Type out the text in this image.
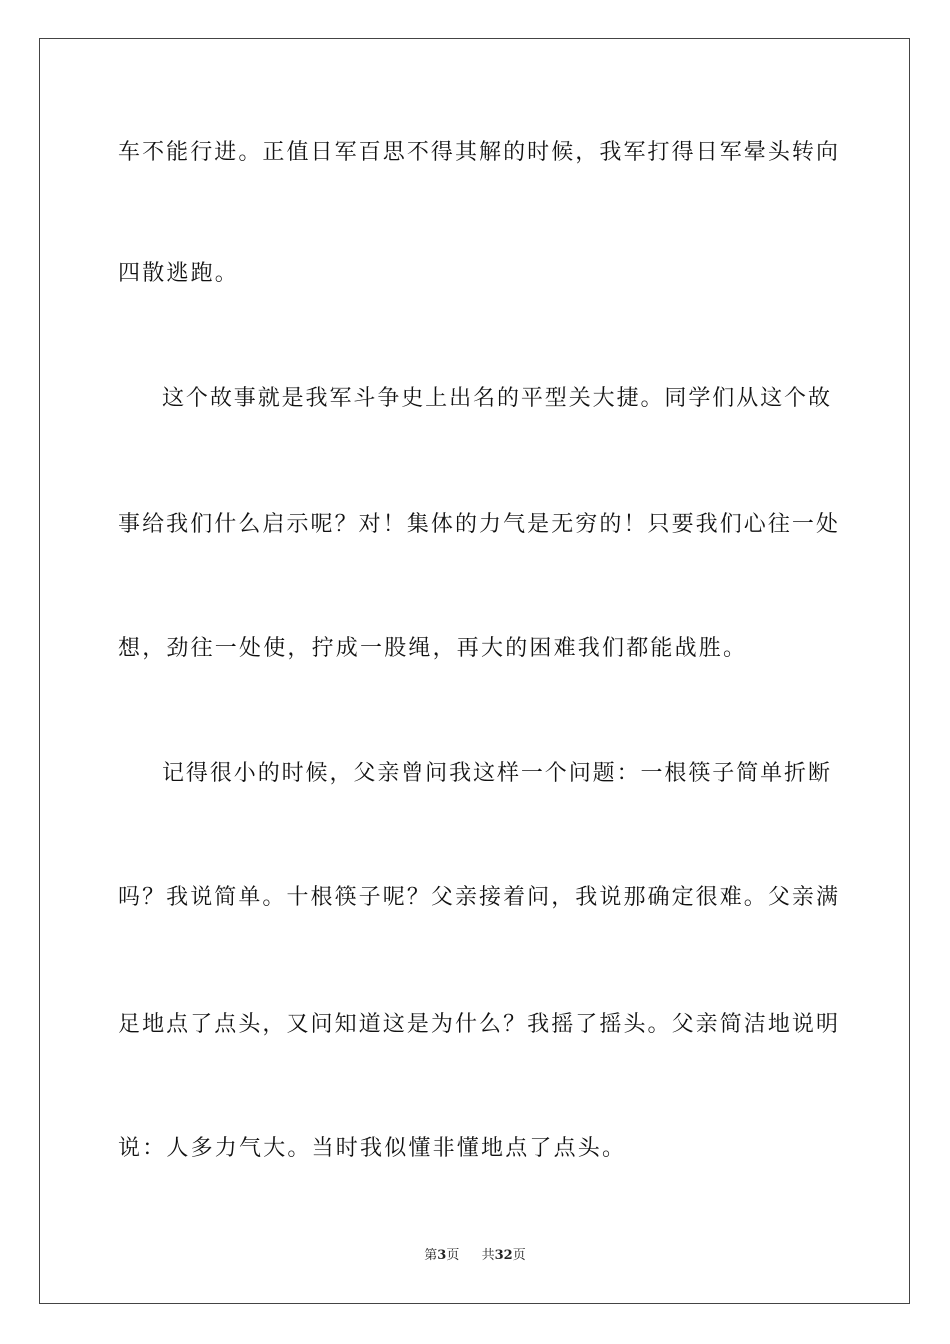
车不能行进。正值日军百思不得其解的时候，我军打得日军晕头转向
四散逃跑。
这个故事就是我军斗争史上出名的平型关大捷。同学们从这个故
事给我们什么启示呢？对！集体的力气是无穷的！只要我们心往一处
想，劲往一处使，拧成一股绳，再大的困难我们都能战胜。
记得很小的时候，父亲曾问我这样一个问题：一根筷子简单折断
吗？我说简单。十根筷子呢？父亲接着问，我说那确定很难。父亲满
足地点了点头，又问知道这是为什么？我摇了摇头。父亲简洁地说明
说：人多力气大。当时我似懂非懂地点了点头。
第3页 共32页
